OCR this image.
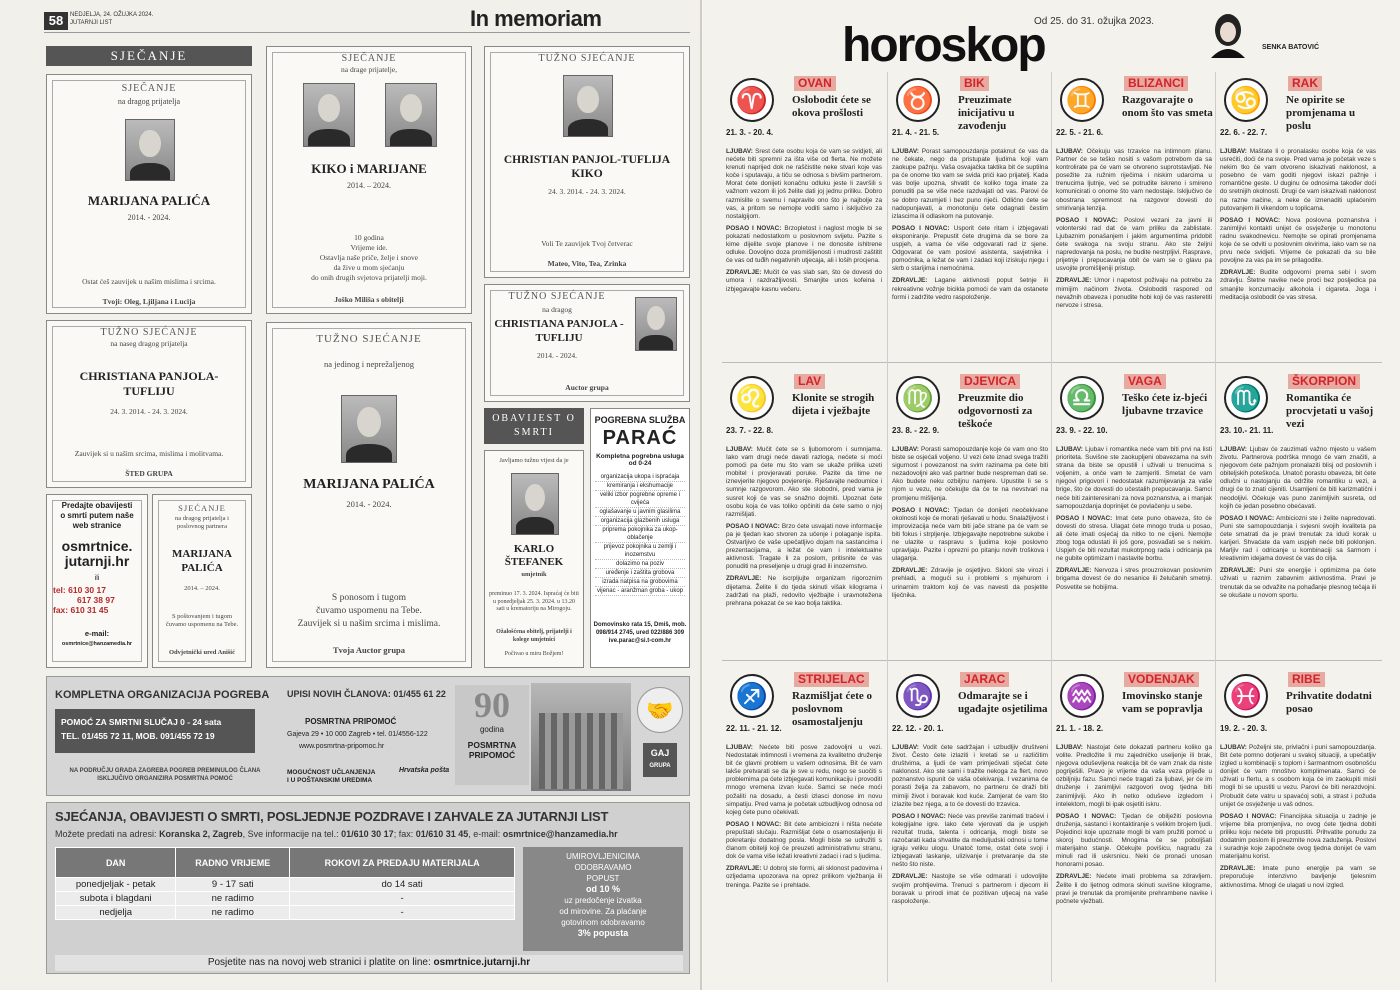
58	NEDJELJA, 24. OŽUJKA 2024.
JUTARNJI LIST	In memoriam
SJEČANJE
SJEČANJE
na dragog prijatelja
MARIJANA PALIĆA
2014. - 2024.
Ostat ćeš zauvijek u našim mislima i srcima.
Tvoji: Oleg, Ljiljana i Lucija
SJEČANJE
na drage prijatelje,
KIKO i MARIJANE
2014. – 2024.
10 godina
Vrijeme ide.
Ostavlja naše priče, želje i snove
da žive u mom sjećanju
do onih drugih svjetova prijatelji moji.
Joško Miliša s obitelji
TUŽNO SJEĆANJE
CHRISTIAN PANJOL-TUFLIJA KIKO
24. 3. 2014. - 24. 3. 2024.
Voli Te zauvijek Tvoj četverac
Mateo, Vito, Tea, Zrinka
TUŽNO SJEĆANJE
na naseg dragog prijatelja
CHRISTIANA PANJOLA-TUFLIJU
24. 3. 2014. - 24. 3. 2024.
Zauvijek si u našim srcima, mislima i molitvama.
ŠTED GRUPA
TUŽNO SJEĆANJE
na dragog
CHRISTIANA PANJOLA - TUFLIJU
2014. - 2024.
Auctor grupa
TUŽNO SJEĆANJE
na jedinog i neprežaljenog
MARIJANA PALIĆA
2014. - 2024.
S ponosom i tugom
čuvamo uspomenu na Tebe.
Zauvijek si u našim srcima i mislima.
Tvoja Auctor grupa
Predajte obavijesti
o smrti putem naše
web stranice
osmrtnice.
jutarnji.hr
ili
tel: 610 30 17
617 38 97
fax: 610 31 45
e-mail:
osmrtnice@hanzamedia.hr
SJEĆANJE
na dragog prijatelja i
poslovnog partnera
MARIJANA PALIĆA
2014. – 2024.
S poštovanjem i tugom čuvamo uspomenu na Tebe.
Odvjetnički ured Anišić
OBAVIJEST O SMRTI
Javljamo tužnu vijest da je
KARLO ŠTEFANEK
umjetnik
preminuo 17. 3. 2024. Ispraćaj će biti u ponedjeljak 25. 3. 2024. u 13.20 sati u krematoriju na Mirogoju.
Ožalošćena obitelj, prijatelji i kolege umjetnici
Počivao u miru Božjem!
POGREBNA SLUŽBA
PARAĆ
Kompletna pogrebna usluga od 0-24
organizacija ukopa i ispraćaja
kremiranja i ekshumacije
veliki izbor pogrebne opreme i cvijeća
oglašavanje u javnim glasilima
organizacija glazbenih usluga
priprema pokojnika za ukop-oblačenje
prijevoz pokojnika u zemlji i inozemstvu
dolazimo na poziv
uređenje i zaštita grobova
izrada natpisa na grobovima
vijenac - aranžman groba - ukop
Domovinsko rata 15, Dmiš, mob.
098/914 2745, ured 022/886 309
ive.parac@si.t-com.hr
KOMPLETNA ORGANIZACIJA POGREBA
POMOĆ ZA SMRTNI SLUČAJ 0 - 24 sata
TEL. 01/455 72 11, MOB. 091/455 72 19
NA PODRUČJU GRADA ZAGREBA POGREB PREMINULOG ČLANA
ISKLJUČIVO ORGANIZIRA POSMRTNA POMOĆ
UPISI NOVIH ČLANOVA: 01/455 61 22
POSMRTNA PRIPOMOĆ
Gajeva 29 • 10 000 Zagreb • tel. 01/4556-122
www.posmrtna-pripomoc.hr
MOGUĆNOST UČLANJENJA
I U POŠTANSKIM UREDIMA
Hrvatska pošta
90
godina
POSMRTNA
PRIPOMOĆ
🤝
GAJ
GRUPA
SJEĆANJA, OBAVIJESTI O SMRTI, POSLJEDNJE POZDRAVE I ZAHVALE ZA JUTARNJI LIST
Možete predati na adresi: Koranska 2, Zagreb, Sve informacije na tel.: 01/610 30 17; fax: 01/610 31 45, e-mail: osmrtnice@hanzamedia.hr
DAN	RADNO VRIJEME	ROKOVI ZA PREDAJU MATERIJALA
ponedjeljak - petak	9 - 17 sati	do 14 sati
subota i blagdani	ne radimo	-
nedjelja	ne radimo	-
UMIROVLJENICIMA
ODOBRAVAMO
POPUST
od 10 %
uz predočenje izvatka
od mirovine. Za plaćanje
gotovinom odobravamo
3% popusta
Posjetite nas na novoj web stranici i platite on line: osmrtnice.jutarnji.hr
Od 25. do 31. ožujka 2023.
horoskop	SENKA BATOVIĆ
♈
OVAN
Oslobodit ćete se okova prošlosti
21. 3. - 20. 4.

LJUBAV: Srest ćete osobu koja će vam se svidjeti, ali nećete biti spremni za išta više od flerta. Ne možete krenuti naprijed dok ne raščistite neke stvari koje vas koče i sputavaju, a tiču se odnosa s bivšim partnerom. Morat ćete donijeti konačnu odluku jeste li završili s važnom vezom ili još želite dati joj jednu priliku. Dobro razmislite o svemu i napravite ono što je najbolje za vas, a pritom se nemojte voditi samo i isključivo za nostalgijom.

POSAO I NOVAC: Brzopletost i naglost mogle bi se pokazati nedostatkom u poslovnom svijetu. Pazite s kime dijelite svoje planove i ne donosite ishitrene odluke. Dovoljno doza promišljenosti i mudrosti zaštitit će vas od tuđih negativnih utjecaja, ali i loših procjena.

ZDRAVLJE: Mučit će vas slab san, što će dovesti do umora i razdražljivosti. Smanjite unos kofeina i izbjegavajte kasnu večeru.

♉
BIK
Preuzimate inicijativu u zavođenju
21. 4. - 21. 5.

LJUBAV: Porast samopouzdanja potaknut će vas da ne čekate, nego da pristupate ljudima koji vam zaokupe pažnju. Vaša osvajačka taktika bit će suptilna pa će onome tko vam se svida prići kao prijatelj. Kada vas bolje upozna, shvatit će koliko toga imate za ponuditi pa se više neće razdvajati od vas. Parovi će se dobro razumjeti i bez puno riječi. Odlično ćete se nadopunjavati, a monotoniju ćete odagnati čestim izlascima ili odlaskom na putovanje.

POSAO I NOVAC: Usporit ćete ritam i izbjegavati eksponiranje. Prepustit ćete drugima da se bore za uspjeh, a vama će više odgovarati rad iz sjene. Odgovarat će vam poslovi asistenta, savjetnika i pomoćnika, a ležat će vam i zadaci koji iziskuju njegu i skrb o starijima i nemoćnima.

ZDRAVLJE: Lagane aktivnosti poput šetnje ili rekreativne vožnje bicikla pomoći će vam da ostanete formi i zadržite vedro raspoloženje.

♊
BLIZANCI
Razgovarajte o onom što vas smeta
22. 5. - 21. 6.

LJUBAV: Očekuju vas trzavice na intimnom planu. Partner će se teško nositi s vašom potrebom da sa kontrolirate pa će vam se otvoreno suprotstavljati. Ne posežite za ružnim riječima i niskim udarcima u trenucima ljutnje, već se potrudite iskreno i smireno komunicirati o onome što vam nedostaje. Isključivo će obostrana spremnost na razgovor dovesti do smirivanja tenzija.

POSAO I NOVAC: Poslovi vezani za javni ili volonterski rad dat će vam priliku da zablistate. Ljubaznim ponašanjem i jakim argumentima pridobit ćete svakoga na svoju stranu. Ako ste željni napredovanja na poslu, ne budite nestrpljivi. Rasprave, prijetnje i prepucavanja obit će vam se o glavu pa usvojite promišljeniji pristup.

ZDRAVLJE: Umor i napetost poživaju na potrebu za mirnijim načinom života. Osloboditi raspored od nevažnih obaveza i ponudite hobi koji će vas rasteretiti nervoze i stresa.

♋
RAK
Ne opirite se promjenama u poslu
22. 6. - 22. 7.

LJUBAV: Maštate li o pronalasku osobe koja će vas usrećiti, doći će na svoje. Pred vama je početak veze s nekim tko će vam otvoreno iskazivati naklonost, a posebno će vam goditi njegovi iskazi pažnje i romantične geste. U duginu će odnosima također doći do sretnijih okolnosti. Drugi će vam iskazivati naklonost na razne načine, a neke će iznenaditi uplaćenim putovanjem ili vikendom u toplicama.

POSAO I NOVAC: Nova poslovna poznanstva i zanimljivi kontakti unijet će osvježenje u monotonu radnu svakodnevicu. Nemojte se opirati promjenama koje će se odviti u poslovnim okvirima, iako vam se na prvu neće svidjeti. Vrijeme će pokazati da su bile povoljne za vas pa im se prilagodite.

ZDRAVLJE: Budite odgovorni prema sebi i svom zdravlju. Štetne navike neće proći bez posljedica pa smanjite konzumaciju alkohola i cigareta. Joga i meditacija oslobodit će vas stresa.

♌
LAV
Klonite se strogih dijeta i vježbajte
23. 7. - 22. 8.

LJUBAV: Mučit ćete se s ljubomorom i sumnjama. Iako vam drugi neće davati razloga, nećete si moći pomoći pa ćete mu što vam se ukaže prilika uzeti mobitel i provjeravati poruke. Pazite da time ne iznevjerite njegovo povjerenje. Rješavajte nedoumice i sumnje razgovorom. Ako ste slobodni, pred vama je susret koji će vas se snažno dojmiti. Upoznat ćete osobu koja će vas toliko opčiniti da ćete samo o njoj razmišljati.

POSAO I NOVAC: Brzo ćete usvajati nove informacije pa je tjedan kao stvoren za učenje i polaganje ispita. Ostvarljivo će vaše upečatljivo dojam na sastancima i prezentacijama, a ležat će vam i intelektualne aktivnosti. Tragate li za poslom, pritisnite će vas ponuditi na preseljenje u drugi grad ili inozemstvo.

ZDRAVLJE: Ne iscrpljujte organizam rigoroznim dijetama. Želite li do tjeda skinuti višak kilograma i zadržati na plaži, redovito vježbajte i uravnotežena prehrana pokazat će se kao bolja taktika.

♍
DJEVICA
Preuzmite dio odgovornosti za teškoće
23. 8. - 22. 9.

LJUBAV: Porasti samopouzdanje koje će vam ono što biste se osjećali voljeno. U vezi ćete iznad svega tražiti sigurnost i povezanost na svim razinama pa ćete biti nezadovoljni ako vaš partner bude nespreman dati se. Ako budete neku ozbiljnu namjere. Upustite li se s njom u vezu, ne očekujte da će te na nevstvari na promjenu mišljenja.

POSAO I NOVAC: Tjedan će donijeti neočekivane okolnosti koje će morati rješavati u hodu. Snalažljivost i improvizacija neće vam biti jače strane pa će vam se biti fokus i strpljenje. Izbjegavajte nepotrebne sukobe i ne ulazite u raspravu s ljudima koje poslovno upravljaju. Pazite i oprezni po pitanju novih troškova i ulaganja.

ZDRAVLJE: Zdravije je osjetljivo. Skloni ste virozi i prehladi, a mogući su i problemi s mjehurom i urinarnim traktom koji će vas navesti da posjetite liječnika.

♎
VAGA
Teško ćete iz-bjeći ljubavne trzavice
23. 9. - 22. 10.

LJUBAV: Ljubav i romantika neće vam biti prvi na listi prioriteta. Suvišne ste zaokupljeni obavezama na svih strana da biste se opustili i uživali u trenucima s voljenim, a onče vam te zamjeriti. Smetat će vam njegovi prigovori i nedostatak razumijevanja za vaše brige, što će dovesti do učestalih prepucavanja. Samci neće biti zainteresirani za nova poznanstva, a i manjak samopouzdanja doprinijet će povlačenju u sebe.

POSAO I NOVAC: Imat ćete puno obaveza, što će dovesti do stresa. Ulagat ćete mnogo truda u posao, ali ćete imati osjećaj da nitko to ne cijeni. Nemojte zbog toga odustati ili još gore, posvađati se s nekim. Uspjeh će biti rezultat mukotrpnog rada i odricanja pa ne gubite optimizam i nastavite borbu.

ZDRAVLJE: Nervoza i stres prouzrokovan poslovnim brigama dovest će do nesanice ili želučanih smetnji. Posvetite se hobijima.

♏
ŠKORPION
Romantika će procvjetati u vašoj vezi
23. 10.- 21. 11.

LJUBAV: Ljubav će zauzimati važno mjesto u vašem životu. Partnerova podrška mnogo će vam značiti, a njegovom ćete pažnjom pronalaziti blisj od poslovnih i obiteljskih poteškoća. Unatoč porastu obaveza, bit ćete odlučni u nastojanju da održite romantiku u vezi, a drugi će to znati cijeniti. Usamljeni će biti karizmatični i neodoljivi. Očekuje vas puno zanimljivih susreta, od kojih će jedan posebno obećavati.

POSAO I NOVAC: Ambiciozni ste i želite napredovati. Puni ste samopouzdanja i svjesni svojih kvaliteta pa ćete smatrati da je pravi trenutak za idući korak u karijeri. Shvaćate da vam uspjeh neće biti poklonjen. Marljiv rad i odricanje u kombinaciji sa šarmom i kreativnim idejama dovest će vas do cilja.

ZDRAVLJE: Puni ste energije i optimizma pa ćete uživati u raznim zabavnim aktivnostima. Pravi je trenutak da se odvažite na pohađanje plesnog tečaja ili se okušate u novom sportu.

♐
STRIJELAC
Razmišljat ćete o poslovnom osamostaljenju
22. 11. - 21. 12.

LJUBAV: Nećete biti posve zadovoljni u vezi. Nedostatak intimnosti i vremena za kvalitetno druženje bit će glavni problem u vašem odnosima. Bit će vam lakše pretvarati se da je sve u redu, nego se suočiti s problemima pa ćete izbjegavati komunikaciju i provoditi mnogo vremena izvan kuće. Samci se neće moći požaliti na dosadu, a česti izlasci donose im novu simpatiju. Pred vama je početak uzbudljivog odnosa od kojeg ćete puno očekivati.

POSAO I NOVAC: Bit ćete ambiciozni i ništa nećete prepuštati slučaju. Razmišljat ćete o osamostaljenju ili pokretanju dodatnog posla. Mogli biste se udružiti s članom obitelji koji će preuzeti administrativnu stranu, dok će vama više ležati kreativni zadaci i rad s ljudima.

ZDRAVLJE: U dobroj ste formi, ali sklonost padovima i ozljedama upozorava na oprez prilikom vježbanja ili treninga. Pazite se i prehlade.

♑
JARAC
Odmarajte se i ugađajte osjetilima
22. 12. - 20. 1.

LJUBAV: Vodit ćete sadržajan i uzbudljiv društveni život. Često ćete izlaziti i kretati se u različitim društvima, a ljudi će vam primjećivati stječat ćete naklonost. Ako ste sami i tražite nekoga za flert, novo poznanstvo ispunit će vaša očekivanja. I vezanima će porasti želja za zabavom, no partneru će draži biti mirniji život i boravak kod kuće. Zamjerat će vam što izlazite bez njega, a to će dovesti do trzavica.

POSAO I NOVAC: Neće vas previše zanimati tračevi i kolegijalne igre. Iako ćete vjerovati da je uspjeh rezultat truda, talenta i odricanja, mogli biste se razočarati kada shvatite da meduljudski odnosi u tome igraju veliku ulogu. Unatoč tome, ostat ćete svoji i izbjegavati laskanje, ulizivanje i pretvaranje da ste nešto što niste.

ZDRAVLJE: Nastojte se više odmarati i udovoljite svojim prohtjevima. Trenuci s partnerom i djecom ili boravak u prirodi imat će pozitivan utjecaj na vaše raspoloženje.

♒
VODENJAK
Imovinsko stanje vam se popravlja
21. 1. - 18. 2.

LJUBAV: Nastojat ćete dokazati partneru koliko ga volite. Predložite li mu zajedničko useljenje ili brak, njegova oduševljena reakcija bit će vam znak da niste pogriješili. Pravo je vrijeme da vaša veza prijeđe u ozbiljniju fazu. Samci neće tragati za ljubavi, jer će im druženje i zanimljivi razgovori ovog tjedna biti zanimljiviji. Ako ih netko oduševe izgledom i intelektom, mogli bi ipak osjetiti iskru.

POSAO I NOVAC: Tjedan će obilježiti poslovna druženja, sastanci i kontaktiranje s velikim brojem ljudi. Pojedinci koje upoznate mogli bi vam pružiti pomoć u skoroj budućnosti. Mnogima će se poboljšati materijalno stanje. Očekujte povišicu, nagradu za minuli rad ili uskrsnicu. Neki će pronaći unosan honorarni posao.

ZDRAVLJE: Nećete imati problema sa zdravljem. Želite li do ljetnog odmora skinuti suvišne kilograme, pravi je trenutak da promijenite prehrambene navike i počnete vježbati.

♓
RIBE
Prihvatite dodatni posao
19. 2. - 20. 3.

LJUBAV: Poželjni ste, privlačni i puni samopouzdanja. Bit ćete pomno dotjerani u svakoj situaciji, a upečatljiv izgled u kombinaciji s toplom i šarmantnom osobnošću donijet će vam mnoštvo komplimenata. Samci će uživati u flertu, a s osobom koja će im zaokupiti misli mogli bi se upustiti u vezu. Parovi će biti nerazdvojni. Probudit ćete vatru u spavaćoj sobi, a strast i požuda unijet će osvježenje u vaš odnos.

POSAO I NOVAC: Financijska situacija u zadnje je vrijeme bila promjenjiva, no ovog ćete tjedna dobiti priliku koju nećete biti propustiti. Prihvatite ponudu za dodatnim poslom ili preuzmite nova zaduženja. Poslovi i suradnje koje započnete ovog tjedna donijet će vam materijalnu korist.

ZDRAVLJE: Imate puno energije pa vam se preporučuje intenzivno bavljenje tjelesnim aktivnostima. Mnogi će ulagati u novi izgled.
